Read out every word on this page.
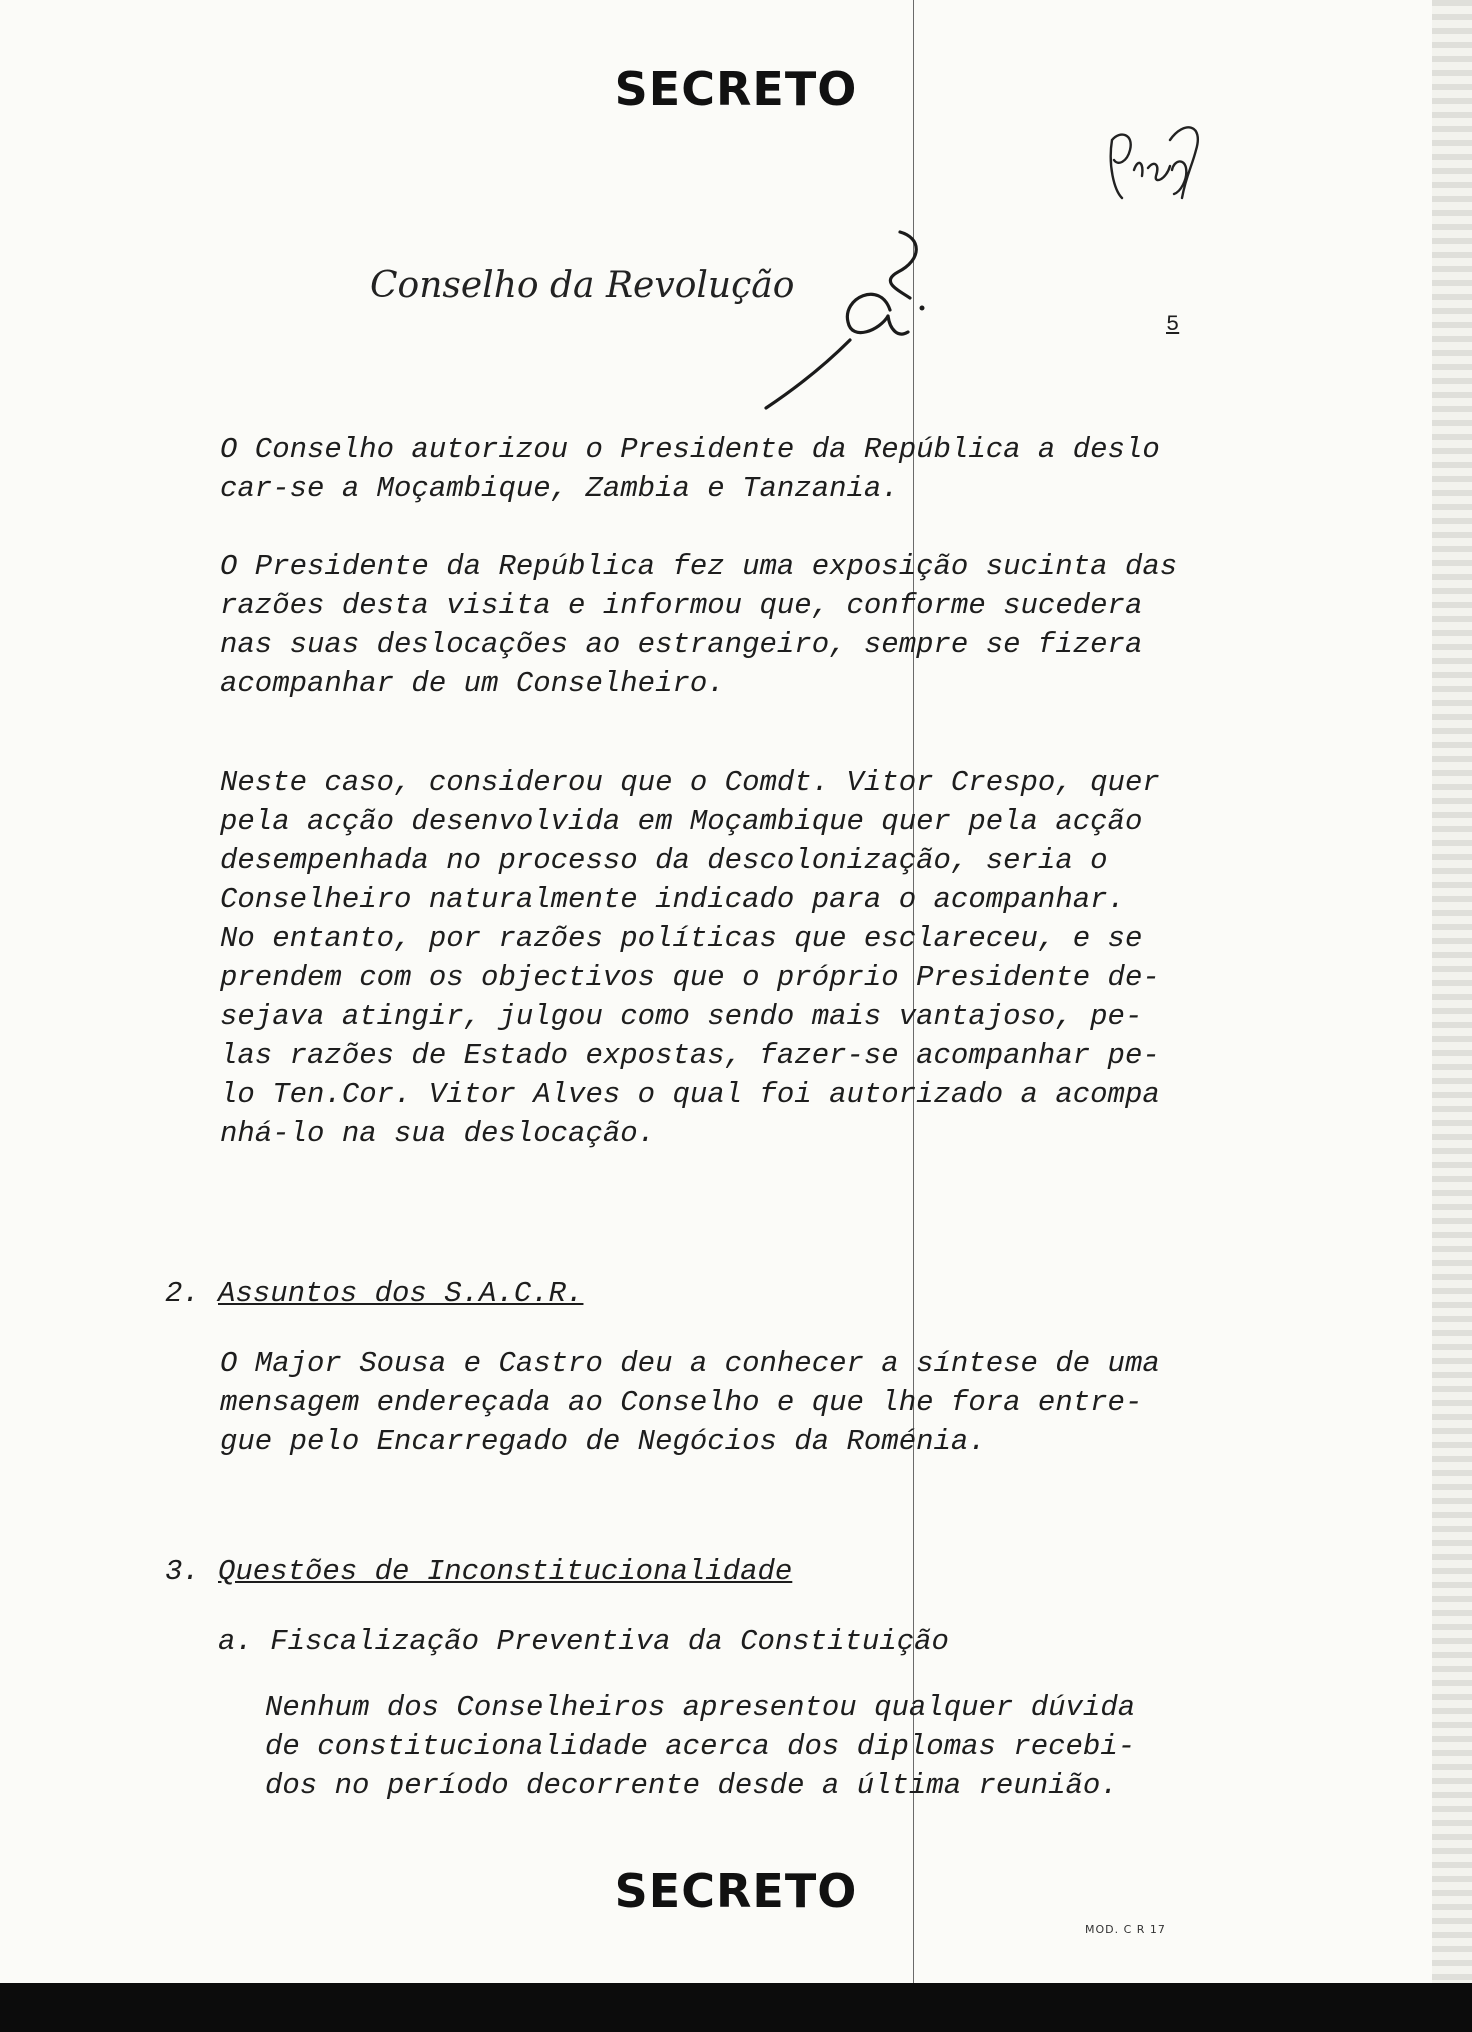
SECRETO
Conselho da Revolução
5
O Conselho autorizou o Presidente da República a deslo
car-se a Moçambique, Zambia e Tanzania.
O Presidente da República fez uma exposição sucinta das
razões desta visita e informou que, conforme sucedera
nas suas deslocações ao estrangeiro, sempre se fizera
acompanhar de um Conselheiro.
Neste caso, considerou que o Comdt. Vitor Crespo, quer
pela acção desenvolvida em Moçambique quer pela acção
desempenhada no processo da descolonização, seria o
Conselheiro naturalmente indicado para o acompanhar.
No entanto, por razões políticas que esclareceu, e se
prendem com os objectivos que o próprio Presidente de-
sejava atingir, julgou como sendo mais vantajoso, pe-
las razões de Estado expostas, fazer-se acompanhar pe-
lo Ten.Cor. Vitor Alves o qual foi autorizado a acompa
nhá-lo na sua deslocação.
2. Assuntos dos S.A.C.R.
O Major Sousa e Castro deu a conhecer a síntese de uma
mensagem endereçada ao Conselho e que lhe fora entre-
gue pelo Encarregado de Negócios da Roménia.
3. Questões de Inconstitucionalidade
a. Fiscalização Preventiva da Constituição
Nenhum dos Conselheiros apresentou qualquer dúvida
de constitucionalidade acerca dos diplomas recebi-
dos no período decorrente desde a última reunião.
SECRETO
MOD. C R 17
